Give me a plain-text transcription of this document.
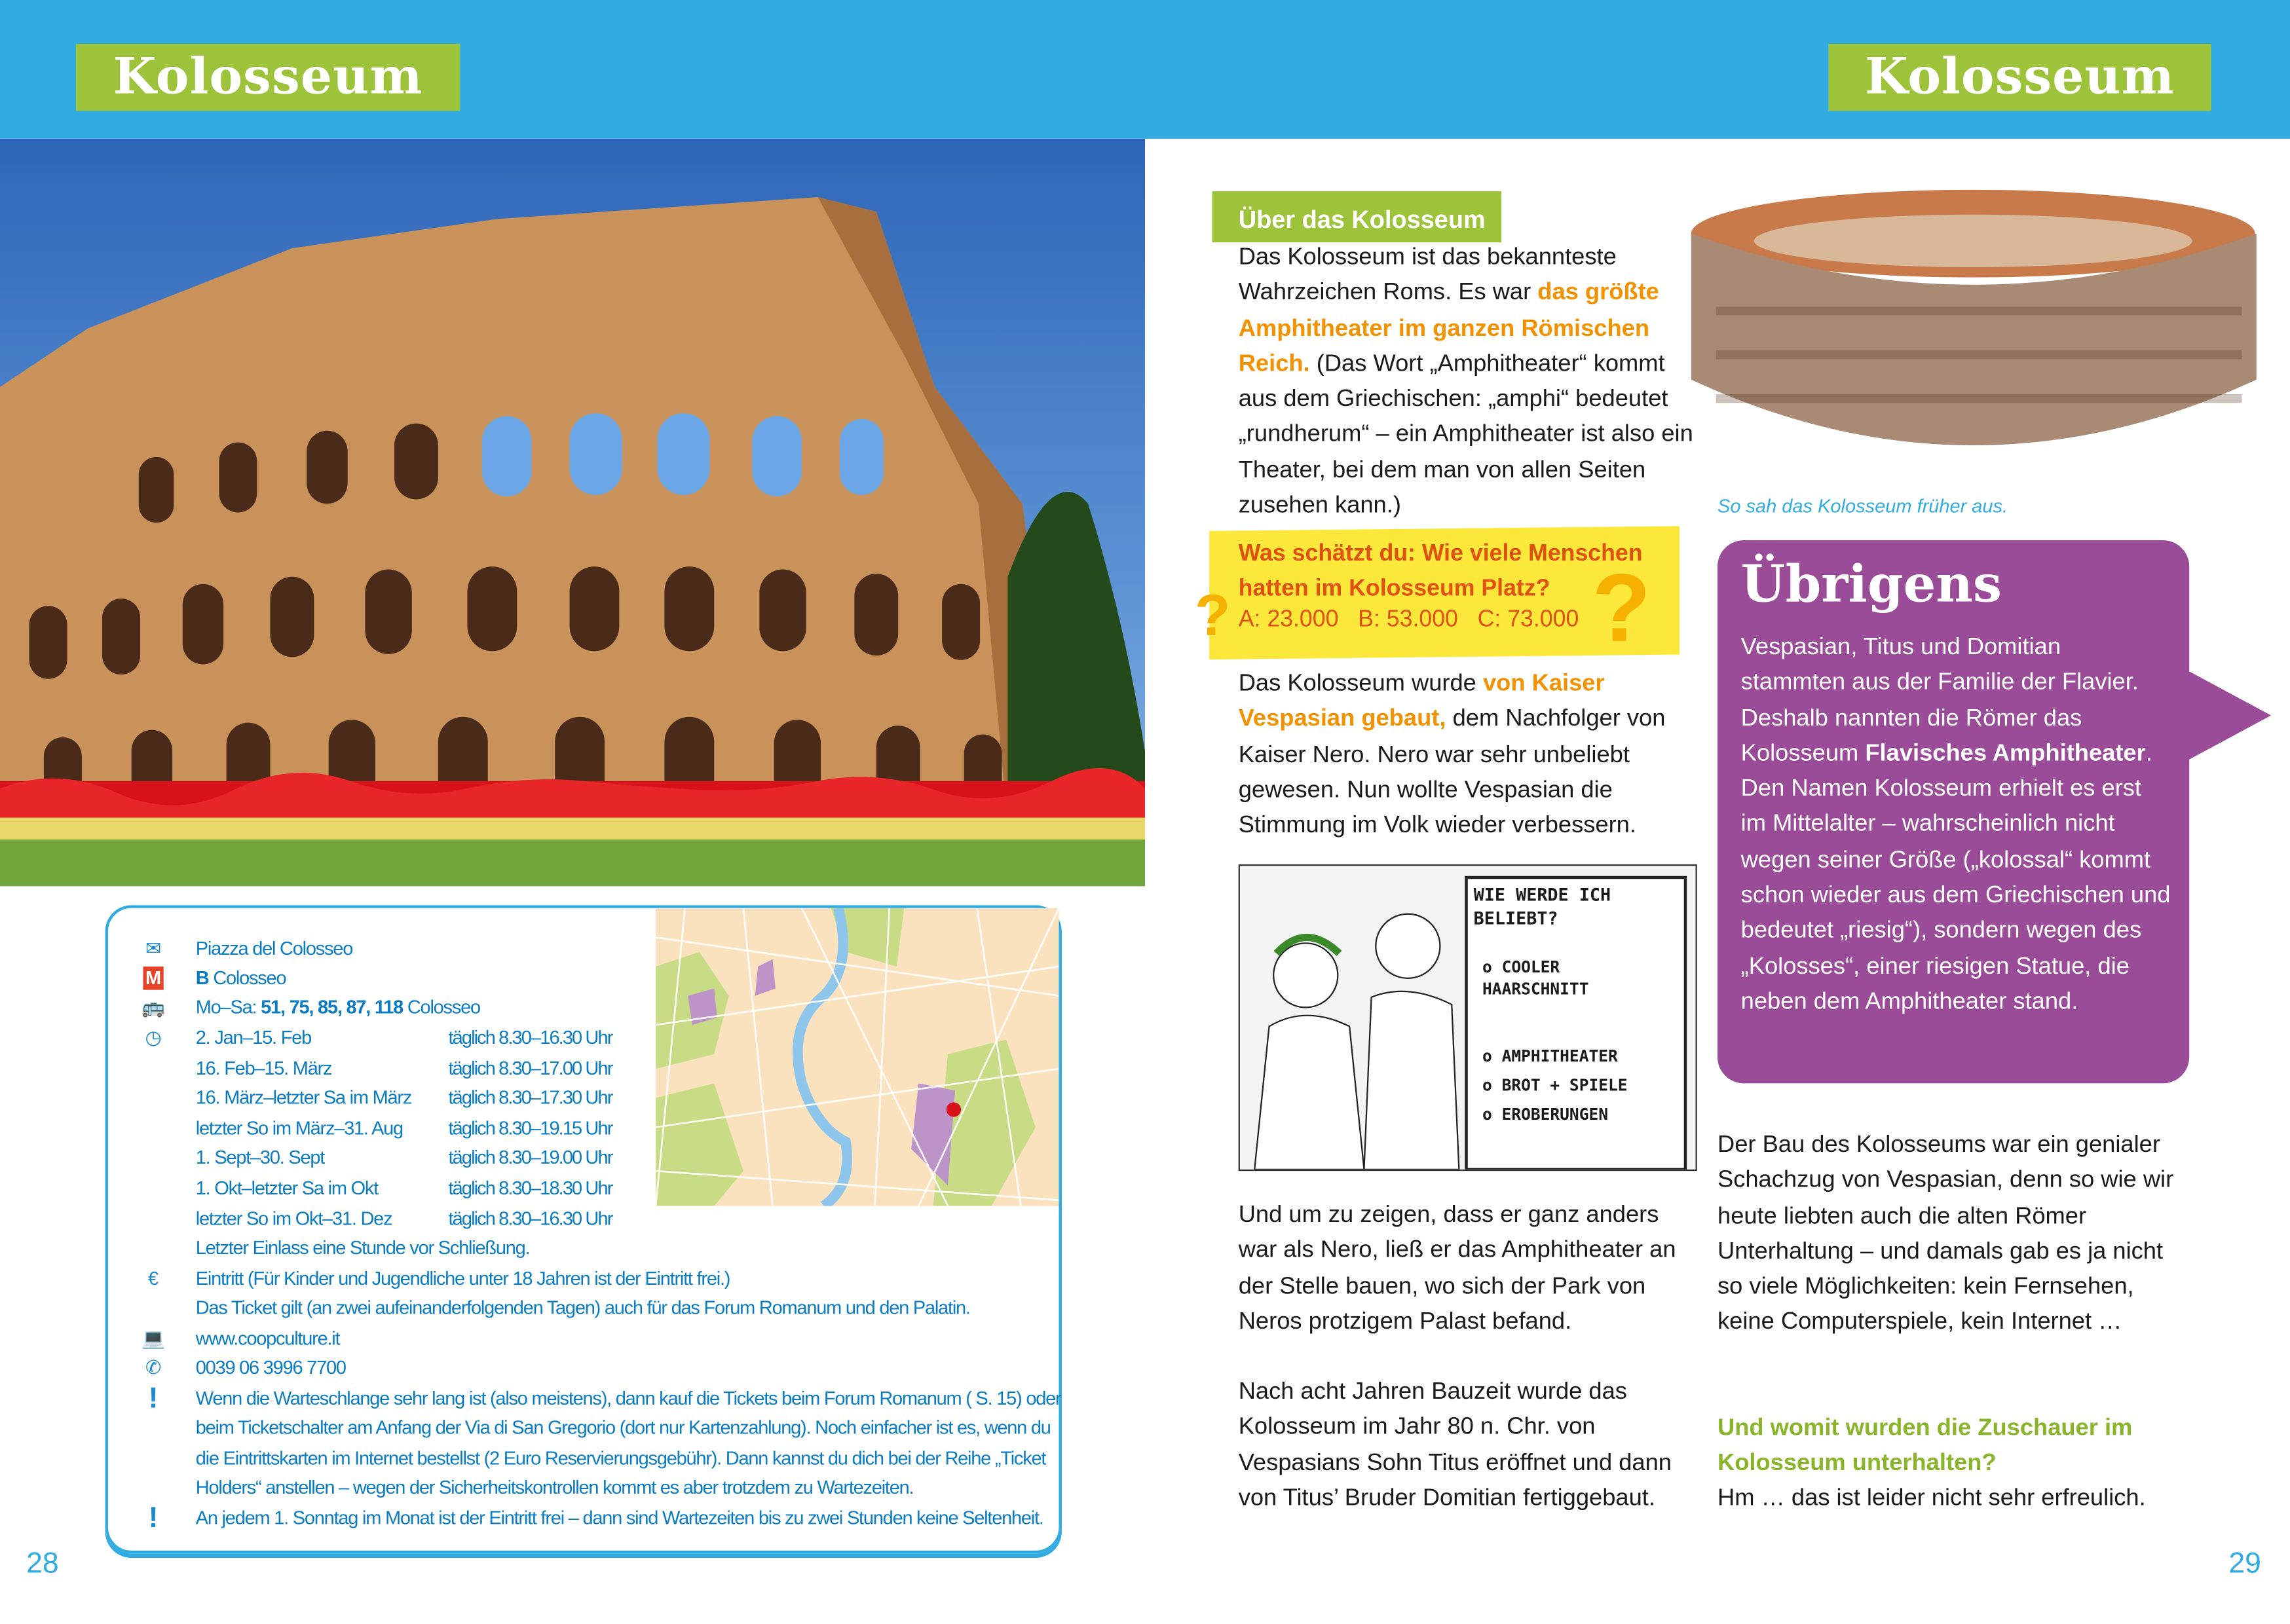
Kolosseum	Kolosseum
✉	Piazza del Colosseo
M	B Colosseo
🚌	Mo–Sa: 51, 75, 85, 87, 118 Colosseo
◷	2. Jan–15. Feb	täglich 8.30–16.30 Uhr
16. Feb–15. März	täglich 8.30–17.00 Uhr
16. März–letzter Sa im März	täglich 8.30–17.30 Uhr
letzter So im März–31. Aug	täglich 8.30–19.15 Uhr
1. Sept–30. Sept	täglich 8.30–19.00 Uhr
1. Okt–letzter Sa im Okt	täglich 8.30–18.30 Uhr
letzter So im Okt–31. Dez	täglich 8.30–16.30 Uhr
Letzter Einlass eine Stunde vor Schließung.
€	Eintritt (Für Kinder und Jugendliche unter 18 Jahren ist der Eintritt frei.)
Das Ticket gilt (an zwei aufeinanderfolgenden Tagen) auch für das Forum Romanum und den Palatin.
💻	www.coopculture.it
✆	0039 06 3996 7700
!	Wenn die Warteschlange sehr lang ist (also meistens), dann kauf die Tickets beim Forum Romanum ( S. 15) oder
beim Ticketschalter am Anfang der Via di San Gregorio (dort nur Kartenzahlung). Noch einfacher ist es, wenn du
die Eintrittskarten im Internet bestellst (2 Euro Reservierungsgebühr). Dann kannst du dich bei der Reihe „Ticket
Holders“ anstellen – wegen der Sicherheitskontrollen kommt es aber trotzdem zu Wartezeiten.
!	An jedem 1. Sonntag im Monat ist der Eintritt frei – dann sind Wartezeiten bis zu zwei Stunden keine Seltenheit.
28	29
Über das Kolosseum
Das Kolosseum ist das bekannteste Wahrzeichen Roms. Es war das größte Amphitheater im ganzen Römischen Reich. (Das Wort „Amphitheater“ kommt aus dem Griechischen: „amphi“ bedeutet „rundherum“ – ein Amphitheater ist also ein Theater, bei dem man von allen Seiten zusehen kann.)
Was schätzt du: Wie viele Menschen hatten im Kolosseum Platz?
A: 23.000   B: 53.000   C: 73.000
?	?
Das Kolosseum wurde von Kaiser Vespasian gebaut, dem Nachfolger von Kaiser Nero. Nero war sehr unbeliebt gewesen. Nun wollte Vespasian die Stimmung im Volk wieder verbessern.
WIE WERDE ICH BELIEBT?
o COOLER HAARSCHNITT
o AMPHITHEATER
o BROT + SPIELE
o EROBERUNGEN
Und um zu zeigen, dass er ganz anders war als Nero, ließ er das Amphitheater an der Stelle bauen, wo sich der Park von Neros protzigem Palast befand.
Nach acht Jahren Bauzeit wurde das Kolosseum im Jahr 80 n. Chr. von Vespasians Sohn Titus eröffnet und dann von Titus’ Bruder Domitian fertiggebaut.
So sah das Kolosseum früher aus.
Übrigens
Vespasian, Titus und Domitian stammten aus der Familie der Flavier. Deshalb nannten die Römer das Kolosseum Flavisches Amphitheater. Den Namen Kolosseum erhielt es erst im Mittelalter – wahrscheinlich nicht wegen seiner Größe („kolossal“ kommt schon wieder aus dem Griechischen und bedeutet „riesig“), sondern wegen des „Kolosses“, einer riesigen Statue, die neben dem Amphitheater stand.
Der Bau des Kolosseums war ein genialer Schachzug von Vespasian, denn so wie wir heute liebten auch die alten Römer Unterhaltung – und damals gab es ja nicht so viele Möglichkeiten: kein Fernsehen, keine Computerspiele, kein Internet …
Und womit wurden die Zuschauer im Kolosseum unterhalten?
Hm … das ist leider nicht sehr erfreulich.
